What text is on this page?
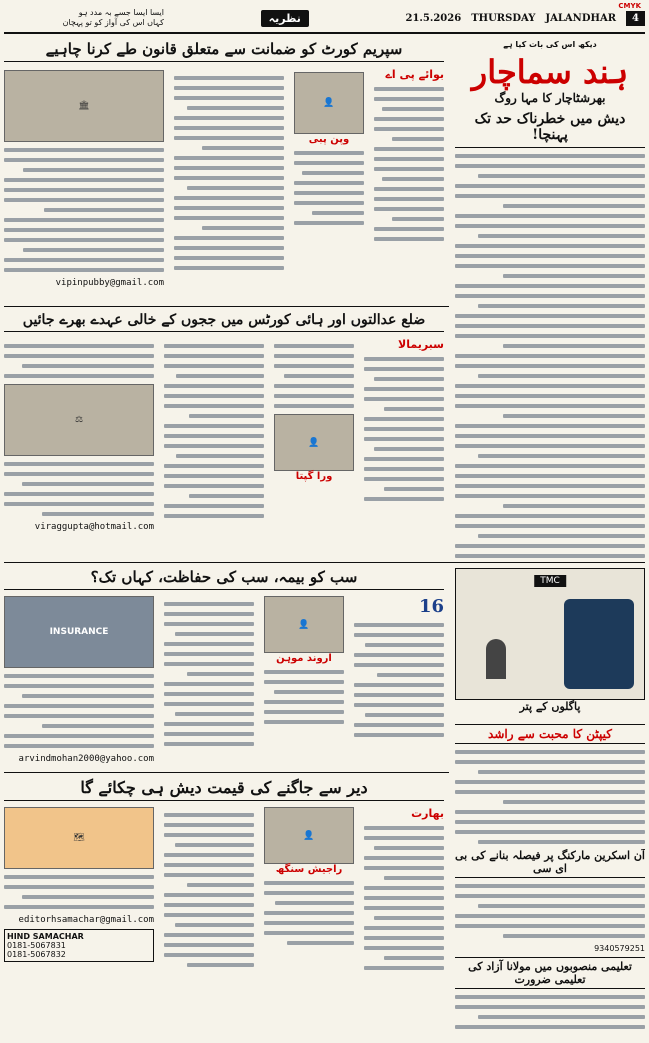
CMYK
ایسا ایسا جسے بہ مدد ہو
کہاں اس کی آواز کو تو پہچان	نظریہ	21.5.2026 THURSDAY JALANDHAR	4
دیکھ اس کی بات کیا ہے
ہند سماچار
بھرشٹاچار کا مہا روگ
دیش میں خطرناک حد تک پہنچا!
سپریم کورٹ کو ضمانت سے متعلق قانون طے کرنا چاہیے
بوائے پی اے
👤
وپن پبی
🏛
vipinpubby@gmail.com
ضلع عدالتوں اور ہائی کورٹس میں ججوں کے خالی عہدے بھرے جائیں
سبریمالا
👤
ورا گپتا
⚖
viraggupta@hotmail.com
سب کو بیمہ، سب کی حفاظت، کہاں تک؟
16
👤
اروند موہن
INSURANCE
arvindmohan2000@yahoo.com
TMC
پاگلوں کے پتر
کیپٹن کا محبت سے راشد
دیر سے جاگنے کی قیمت دیش ہی چکائے گا
بھارت
👤
راجیش سنگھ
🗺
editorhsamachar@gmail.com
HIND SAMACHAR
0181-5067831
0181-5067832
آن اسکرین مارکنگ پر فیصلہ بنانے کی بی ای سی
9340579251
تعلیمی منصوبوں میں مولانا آزاد کی تعلیمی ضرورت
